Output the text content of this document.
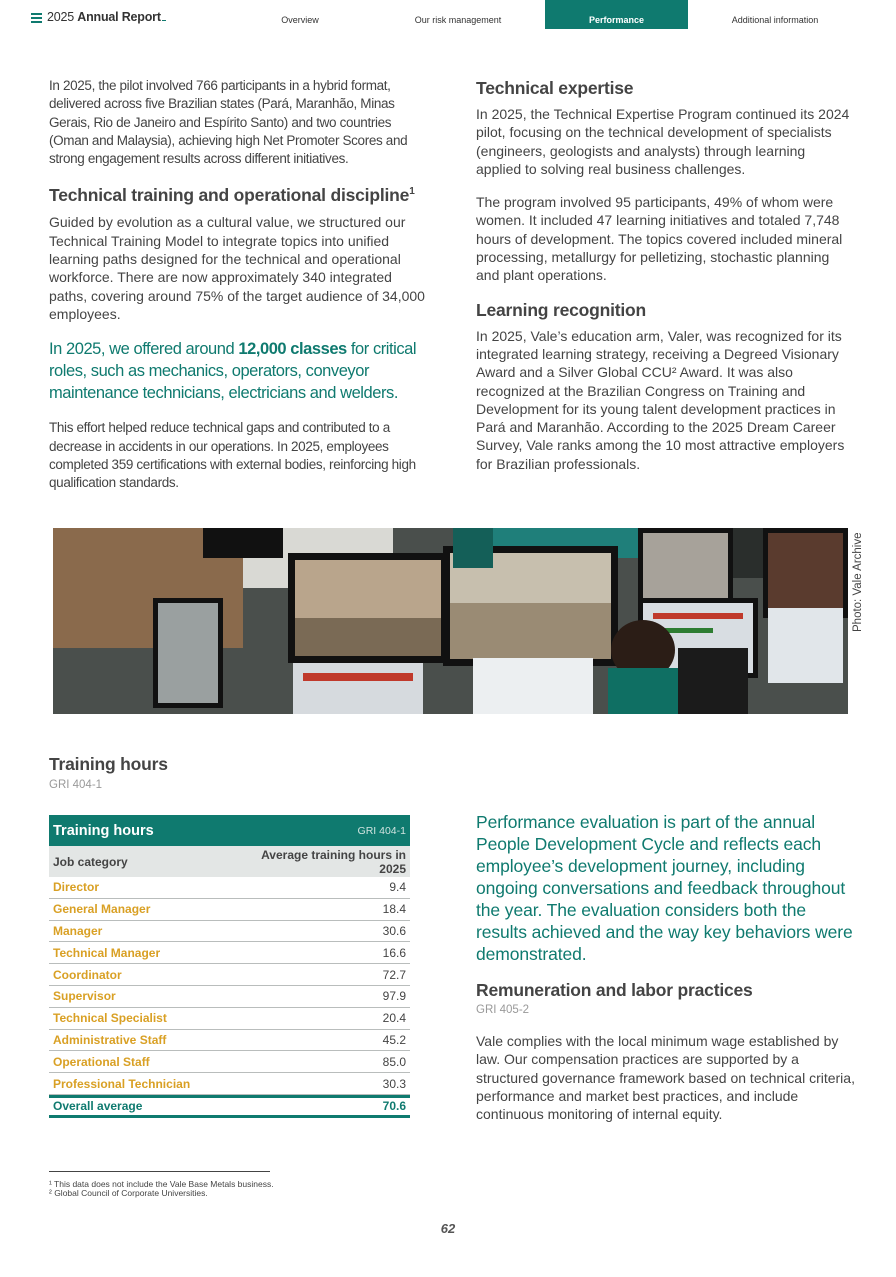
2025 Annual Report	Overview	Our risk management	Performance	Additional information

In 2025, the pilot involved 766 participants in a hybrid format, delivered across five Brazilian states (Pará, Maranhão, Minas Gerais, Rio de Janeiro and Espírito Santo) and two countries (Oman and Malaysia), achieving high Net Promoter Scores and strong engagement results across different initiatives.

Technical training and operational discipline$^1$

Guided by evolution as a cultural value, we structured our Technical Training Model to integrate topics into unified learning paths designed for the technical and operational workforce. There are now approximately 340 integrated paths, covering around 75% of the target audience of 34,000 employees.

In 2025, we offered around 12,000 classes for critical roles, such as mechanics, operators, conveyor maintenance technicians, electricians and welders.

This effort helped reduce technical gaps and contributed to a decrease in accidents in our operations. In 2025, employees completed 359 certifications with external bodies, reinforcing high qualification standards.

Technical expertise

In 2025, the Technical Expertise Program continued its 2024 pilot, focusing on the technical development of specialists (engineers, geologists and analysts) through learning applied to solving real business challenges.

The program involved 95 participants, 49% of whom were women. It included 47 learning initiatives and totaled 7,748 hours of development. The topics covered included mineral processing, metallurgy for pelletizing, stochastic planning and plant operations.

Learning recognition

In 2025, Vale’s education arm, Valer, was recognized for its integrated learning strategy, receiving a Degreed Visionary Award and a Silver Global CCU² Award. It was also recognized at the Brazilian Congress on Training and Development for its young talent development practices in Pará and Maranhão. According to the 2025 Dream Career Survey, Vale ranks among the 10 most attractive employers for Brazilian professionals.

Photo: Vale Archive
Training hours
GRI 404-1
Training hours	GRI 404-1
Job category	Average training hours in 2025
Director	9.4
General Manager	18.4
Manager	30.6
Technical Manager	16.6
Coordinator	72.7
Supervisor	97.9
Technical Specialist	20.4
Administrative Staff	45.2
Operational Staff	85.0
Professional Technician	30.3
Overall average	70.6

Performance evaluation is part of the annual People Development Cycle and reflects each employee’s development journey, including ongoing conversations and feedback throughout the year. The evaluation considers both the results achieved and the way key behaviors were demonstrated.

Remuneration and labor practices
GRI 405-2

Vale complies with the local minimum wage established by law. Our compensation practices are supported by a structured governance framework based on technical criteria, performance and market best practices, and include continuous monitoring of internal equity.

¹ This data does not include the Vale Base Metals business.
² Global Council of Corporate Universities.
62
